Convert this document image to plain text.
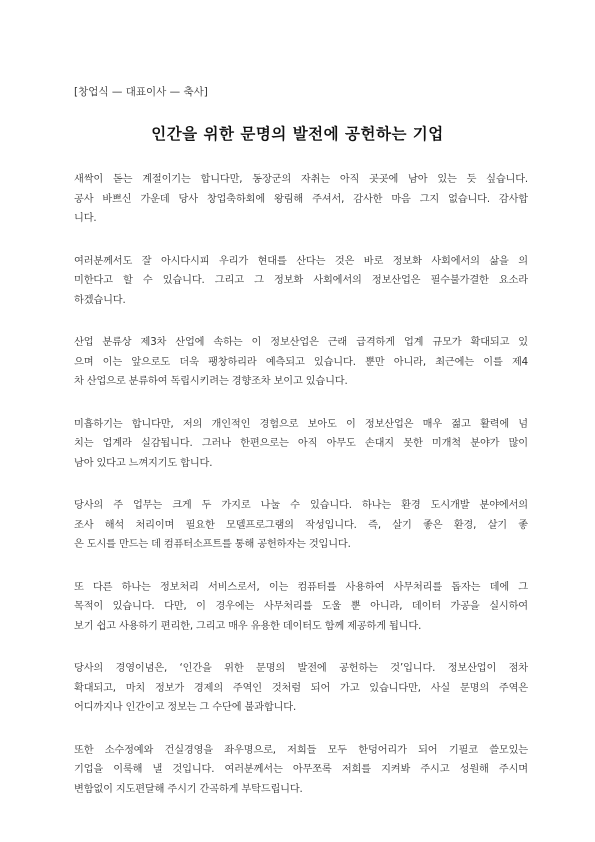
[창업식 — 대표이사 — 축사]
인간을 위한 문명의 발전에 공헌하는 기업
새싹이 돋는 계절이기는 합니다만, 동장군의 자취는 아직 곳곳에 남아 있는 듯 싶습니다.
공사 바쁘신 가운데 당사 창업축하회에 왕림해 주셔서, 감사한 마음 그지 없습니다. 감사합
니다.
여러분께서도 잘 아시다시피 우리가 현대를 산다는 것은 바로 정보화 사회에서의 삶을 의
미한다고 할 수 있습니다. 그리고 그 정보화 사회에서의 정보산업은 필수불가결한 요소라
하겠습니다.
산업 분류상 제3차 산업에 속하는 이 정보산업은 근래 급격하게 업계 규모가 확대되고 있
으며 이는 앞으로도 더욱 팽창하리라 예측되고 있습니다. 뿐만 아니라, 최근에는 이를 제4
차 산업으로 분류하여 독립시키려는 경향조차 보이고 있습니다.
미흡하기는 합니다만, 저의 개인적인 경험으로 보아도 이 정보산업은 매우 젊고 활력에 넘
치는 업계라 실감됩니다. 그러나 한편으로는 아직 아무도 손대지 못한 미개척 분야가 많이
남아 있다고 느껴지기도 합니다.
당사의 주 업무는 크게 두 가지로 나눌 수 있습니다. 하나는 환경 도시개발 분야에서의
조사 해석 처리이며 필요한 모델프로그램의 작성입니다. 즉, 살기 좋은 환경, 살기 좋
은 도시를 만드는 데 컴퓨터소프트를 통해 공헌하자는 것입니다.
또 다른 하나는 정보처리 서비스로서, 이는 컴퓨터를 사용하여 사무처리를 돕자는 데에 그
목적이 있습니다. 다만, 이 경우에는 사무처리를 도울 뿐 아니라, 데이터 가공을 실시하여
보기 쉽고 사용하기 편리한, 그리고 매우 유용한 데이터도 함께 제공하게 됩니다.
당사의 경영이념은, ‘인간을 위한 문명의 발전에 공헌하는 것’입니다. 정보산업이 점차
확대되고, 마치 정보가 경제의 주역인 것처럼 되어 가고 있습니다만, 사실 문명의 주역은
어디까지나 인간이고 정보는 그 수단에 불과합니다.
또한 소수정예와 건실경영을 좌우명으로, 저희들 모두 한덩어리가 되어 기필코 쓸모있는
기업을 이룩해 낼 것입니다. 여러분께서는 아무쪼록 저희를 지켜봐 주시고 성원해 주시며
변함없이 지도편달해 주시기 간곡하게 부탁드립니다.
